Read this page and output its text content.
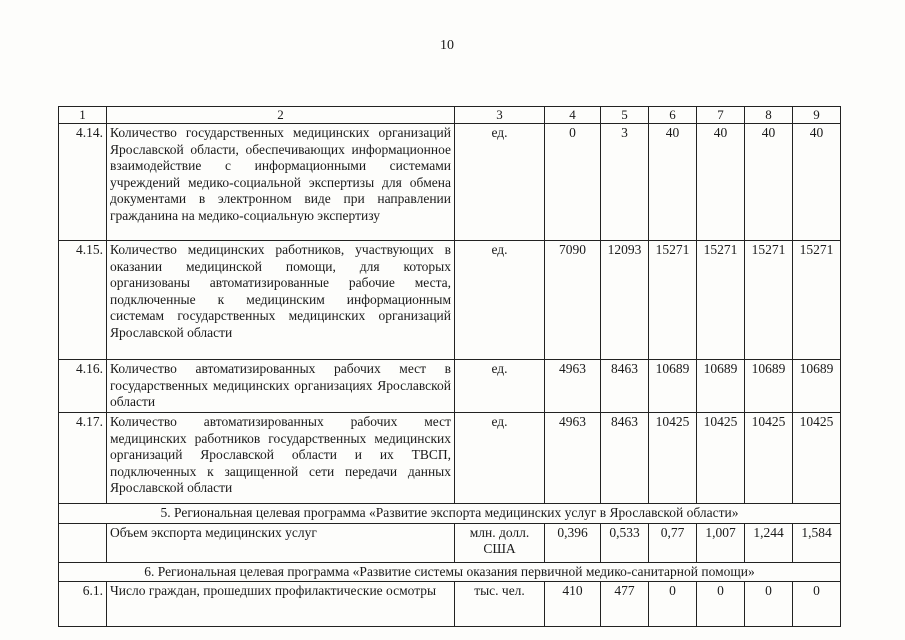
10
1	2	3	4	5	6	7	8	9
4.14.	Количество государственных медицинских организаций Ярославской области, обеспечивающих информационное взаимодействие с информационными системами учреждений медико-социальной экспертизы для обмена документами в электронном виде при направлении гражданина на медико-социальную экспертизу	ед.	0	3	40	40	40	40
4.15.	Количество медицинских работников, участвующих в оказании медицинской помощи, для которых организованы автоматизированные рабочие места, подключенные к медицинским информационным системам государственных медицинских организаций Ярославской области	ед.	7090	12093	15271	15271	15271	15271
4.16.	Количество автоматизированных рабочих мест в государственных медицинских организациях Ярославской области	ед.	4963	8463	10689	10689	10689	10689
4.17.	Количество автоматизированных рабочих мест медицинских работников государственных медицинских организаций Ярославской области и их ТВСП, подключенных к защищенной сети передачи данных Ярославской области	ед.	4963	8463	10425	10425	10425	10425
5. Региональная целевая программа «Развитие экспорта медицинских услуг в Ярославской области»								
	Объем экспорта медицинских услуг	млн. долл. США	0,396	0,533	0,77	1,007	1,244	1,584
6. Региональная целевая программа «Развитие системы оказания первичной медико-санитарной помощи»								
6.1.	Число граждан, прошедших профилактические осмотры	тыс. чел.	410	477	0	0	0	0
